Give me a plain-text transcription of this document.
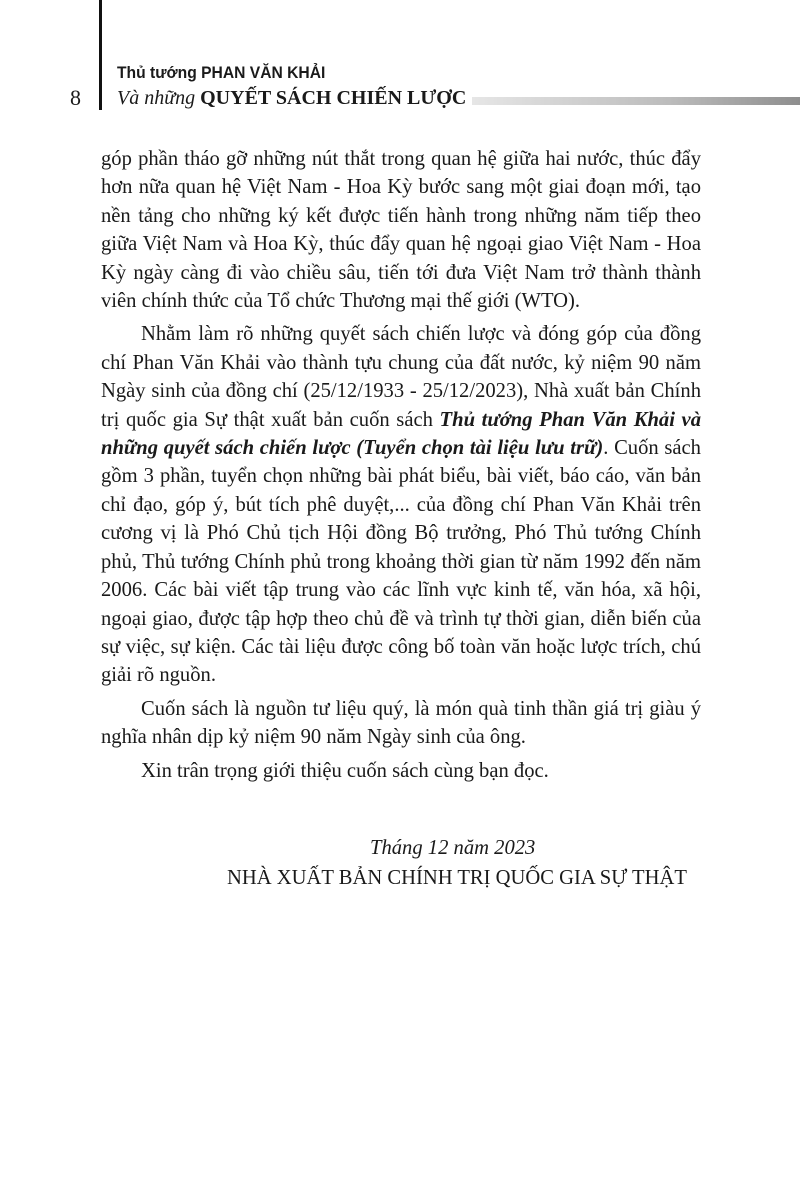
8
Thủ tướng PHAN VĂN KHẢI
Và những QUYẾT SÁCH CHIẾN LƯỢC

góp phần tháo gỡ những nút thắt trong quan hệ giữa hai nước, thúc đẩy hơn nữa quan hệ Việt Nam - Hoa Kỳ bước sang một giai đoạn mới, tạo nền tảng cho những ký kết được tiến hành trong những năm tiếp theo giữa Việt Nam và Hoa Kỳ, thúc đẩy quan hệ ngoại giao Việt Nam - Hoa Kỳ ngày càng đi vào chiều sâu, tiến tới đưa Việt Nam trở thành thành viên chính thức của Tổ chức Thương mại thế giới (WTO).

Nhằm làm rõ những quyết sách chiến lược và đóng góp của đồng chí Phan Văn Khải vào thành tựu chung của đất nước, kỷ niệm 90 năm Ngày sinh của đồng chí (25/12/1933 - 25/12/2023), Nhà xuất bản Chính trị quốc gia Sự thật xuất bản cuốn sách Thủ tướng Phan Văn Khải và những quyết sách chiến lược (Tuyển chọn tài liệu lưu trữ). Cuốn sách gồm 3 phần, tuyển chọn những bài phát biểu, bài viết, báo cáo, văn bản chỉ đạo, góp ý, bút tích phê duyệt,... của đồng chí Phan Văn Khải trên cương vị là Phó Chủ tịch Hội đồng Bộ trưởng, Phó Thủ tướng Chính phủ, Thủ tướng Chính phủ trong khoảng thời gian từ năm 1992 đến năm 2006. Các bài viết tập trung vào các lĩnh vực kinh tế, văn hóa, xã hội, ngoại giao, được tập hợp theo chủ đề và trình tự thời gian, diễn biến của sự việc, sự kiện. Các tài liệu được công bố toàn văn hoặc lược trích, chú giải rõ nguồn.

Cuốn sách là nguồn tư liệu quý, là món quà tinh thần giá trị giàu ý nghĩa nhân dịp kỷ niệm 90 năm Ngày sinh của ông.

Xin trân trọng giới thiệu cuốn sách cùng bạn đọc.

Tháng 12 năm 2023
NHÀ XUẤT BẢN CHÍNH TRỊ QUỐC GIA SỰ THẬT
